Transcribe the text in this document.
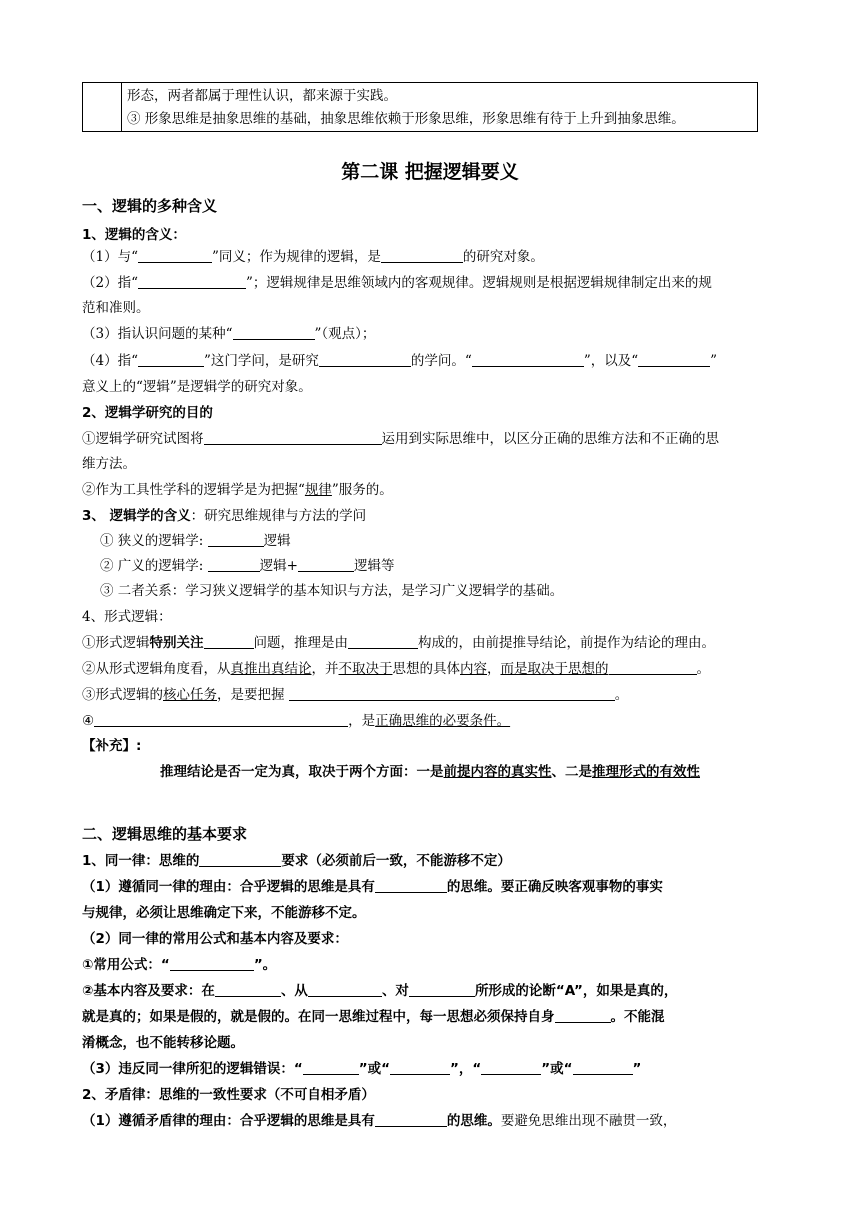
形态，两者都属于理性认识，都来源于实践。
③ 形象思维是抽象思维的基础，抽象思维依赖于形象思维，形象思维有待于上升到抽象思维。
第二课 把握逻辑要义
一、逻辑的多种含义
1、逻辑的含义：
（1）与“	”同义；作为规律的逻辑，是	的研究对象。
（2）指“	”；逻辑规律是思维领域内的客观规律。逻辑规则是根据逻辑规律制定出来的规
范和准则。
（3）指认识问题的某种“	”（观点）；
（4）指“	”这门学问，是研究	的学问。“	”，以及“	”
意义上的“逻辑”是逻辑学的研究对象。
2、逻辑学研究的目的
①逻辑学研究试图将	运用到实际思维中，以区分正确的思维方法和不正确的思
维方法。
②作为工具性学科的逻辑学是为把握“规律”服务的。
3、 逻辑学的含义：研究思维规律与方法的学问
① 狭义的逻辑学:	逻辑
② 广义的逻辑学:	逻辑+	逻辑等
③ 二者关系：学习狭义逻辑学的基本知识与方法，是学习广义逻辑学的基础。
4、形式逻辑：
①形式逻辑特别关注	问题，推理是由	构成的，由前提推导结论，前提作为结论的理由。
②从形式逻辑角度看，从真推出真结论，并不取决于思想的具体内容，而是取决于思想的	。
③形式逻辑的核心任务，是要把握	。
④	，是正确思维的必要条件。
【补充】:
推理结论是否一定为真，取决于两个方面：一是前提内容的真实性、二是推理形式的有效性
二、逻辑思维的基本要求
1、同一律：思维的	要求（必须前后一致，不能游移不定）
（1）遵循同一律的理由：合乎逻辑的思维是具有	的思维。要正确反映客观事物的事实
与规律，必须让思维确定下来，不能游移不定。
（2）同一律的常用公式和基本内容及要求：
①常用公式：“	”。
②基本内容及要求：在	、从	、对	所形成的论断“A”，如果是真的，
就是真的；如果是假的，就是假的。在同一思维过程中，每一思想必须保持自身	。不能混
淆概念，也不能转移论题。
（3）违反同一律所犯的逻辑错误：“	”或“	”，“	”或“	”
2、矛盾律：思维的一致性要求（不可自相矛盾）
（1）遵循矛盾律的理由：合乎逻辑的思维是具有	的思维。要避免思维出现不融贯一致，
